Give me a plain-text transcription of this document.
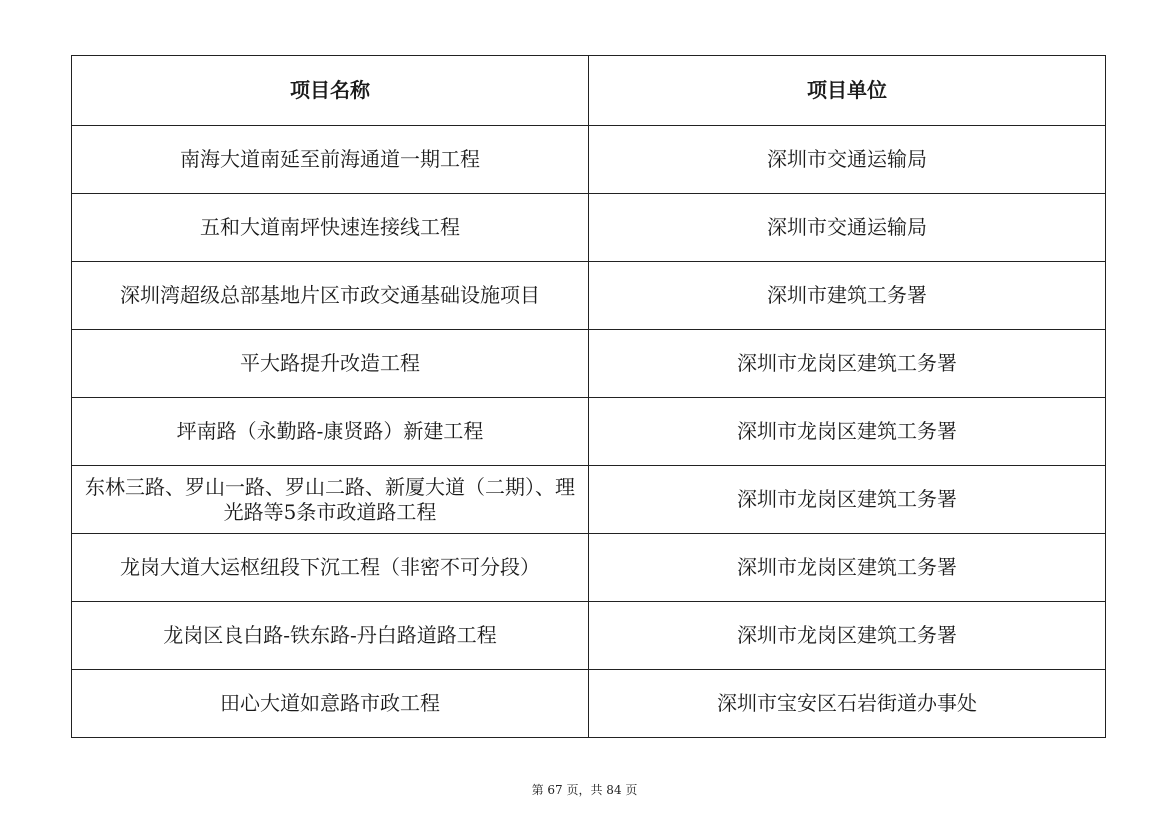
项目名称	项目单位
南海大道南延至前海通道一期工程	深圳市交通运输局
五和大道南坪快速连接线工程	深圳市交通运输局
深圳湾超级总部基地片区市政交通基础设施项目	深圳市建筑工务署
平大路提升改造工程	深圳市龙岗区建筑工务署
坪南路（永勤路-康贤路）新建工程	深圳市龙岗区建筑工务署
东林三路、罗山一路、罗山二路、新厦大道（二期）、理光路等5条市政道路工程	深圳市龙岗区建筑工务署
龙岗大道大运枢纽段下沉工程（非密不可分段）	深圳市龙岗区建筑工务署
龙岗区良白路-铁东路-丹白路道路工程	深圳市龙岗区建筑工务署
田心大道如意路市政工程	深圳市宝安区石岩街道办事处
第 67 页，共 84 页
